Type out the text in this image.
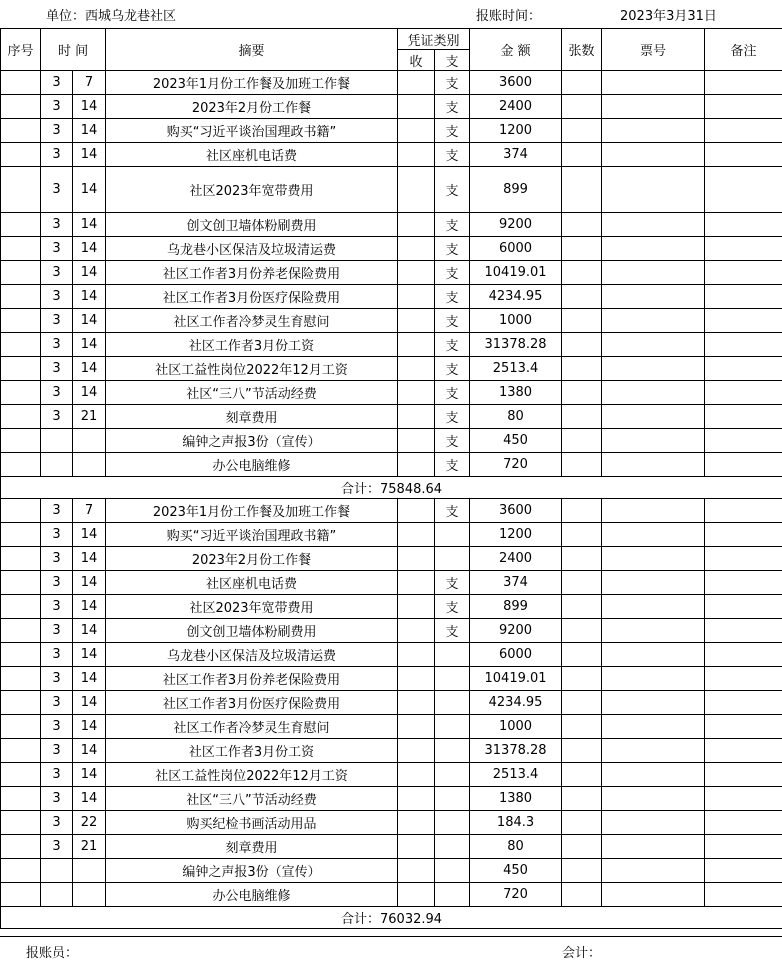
单位：西城乌龙巷社区	报账时间：	2023年3月31日
序号	时 间		摘要	凭证类别		金 额	张数	票号	备注
				收	支				
	3	7	2023年1月份工作餐及加班工作餐		支	3600			
	3	14	2023年2月份工作餐		支	2400			
	3	14	购买“习近平谈治国理政书籍”		支	1200			
	3	14	社区座机电话费		支	374			
	3	14	社区2023年宽带费用		支	899			
	3	14	创文创卫墙体粉刷费用		支	9200			
	3	14	乌龙巷小区保洁及垃圾清运费		支	6000			
	3	14	社区工作者3月份养老保险费用		支	10419.01			
	3	14	社区工作者3月份医疗保险费用		支	4234.95			
	3	14	社区工作者冷梦灵生育慰问		支	1000			
	3	14	社区工作者3月份工资		支	31378.28			
	3	14	社区工益性岗位2022年12月工资		支	2513.4			
	3	14	社区“三八”节活动经费		支	1380			
	3	21	刻章费用		支	80			
			编钟之声报3份（宣传）		支	450			
			办公电脑维修		支	720			
合计：75848.64									
	3	7	2023年1月份工作餐及加班工作餐		支	3600			
	3	14	购买“习近平谈治国理政书籍”			1200			
	3	14	2023年2月份工作餐			2400			
	3	14	社区座机电话费		支	374			
	3	14	社区2023年宽带费用		支	899			
	3	14	创文创卫墙体粉刷费用		支	9200			
	3	14	乌龙巷小区保洁及垃圾清运费			6000			
	3	14	社区工作者3月份养老保险费用			10419.01			
	3	14	社区工作者3月份医疗保险费用			4234.95			
	3	14	社区工作者冷梦灵生育慰问			1000			
	3	14	社区工作者3月份工资			31378.28			
	3	14	社区工益性岗位2022年12月工资			2513.4			
	3	14	社区“三八”节活动经费			1380			
	3	22	购买纪检书画活动用品			184.3			
	3	21	刻章费用			80			
			编钟之声报3份（宣传）			450			
			办公电脑维修			720			
合计：76032.94									
报账员：	会计：
